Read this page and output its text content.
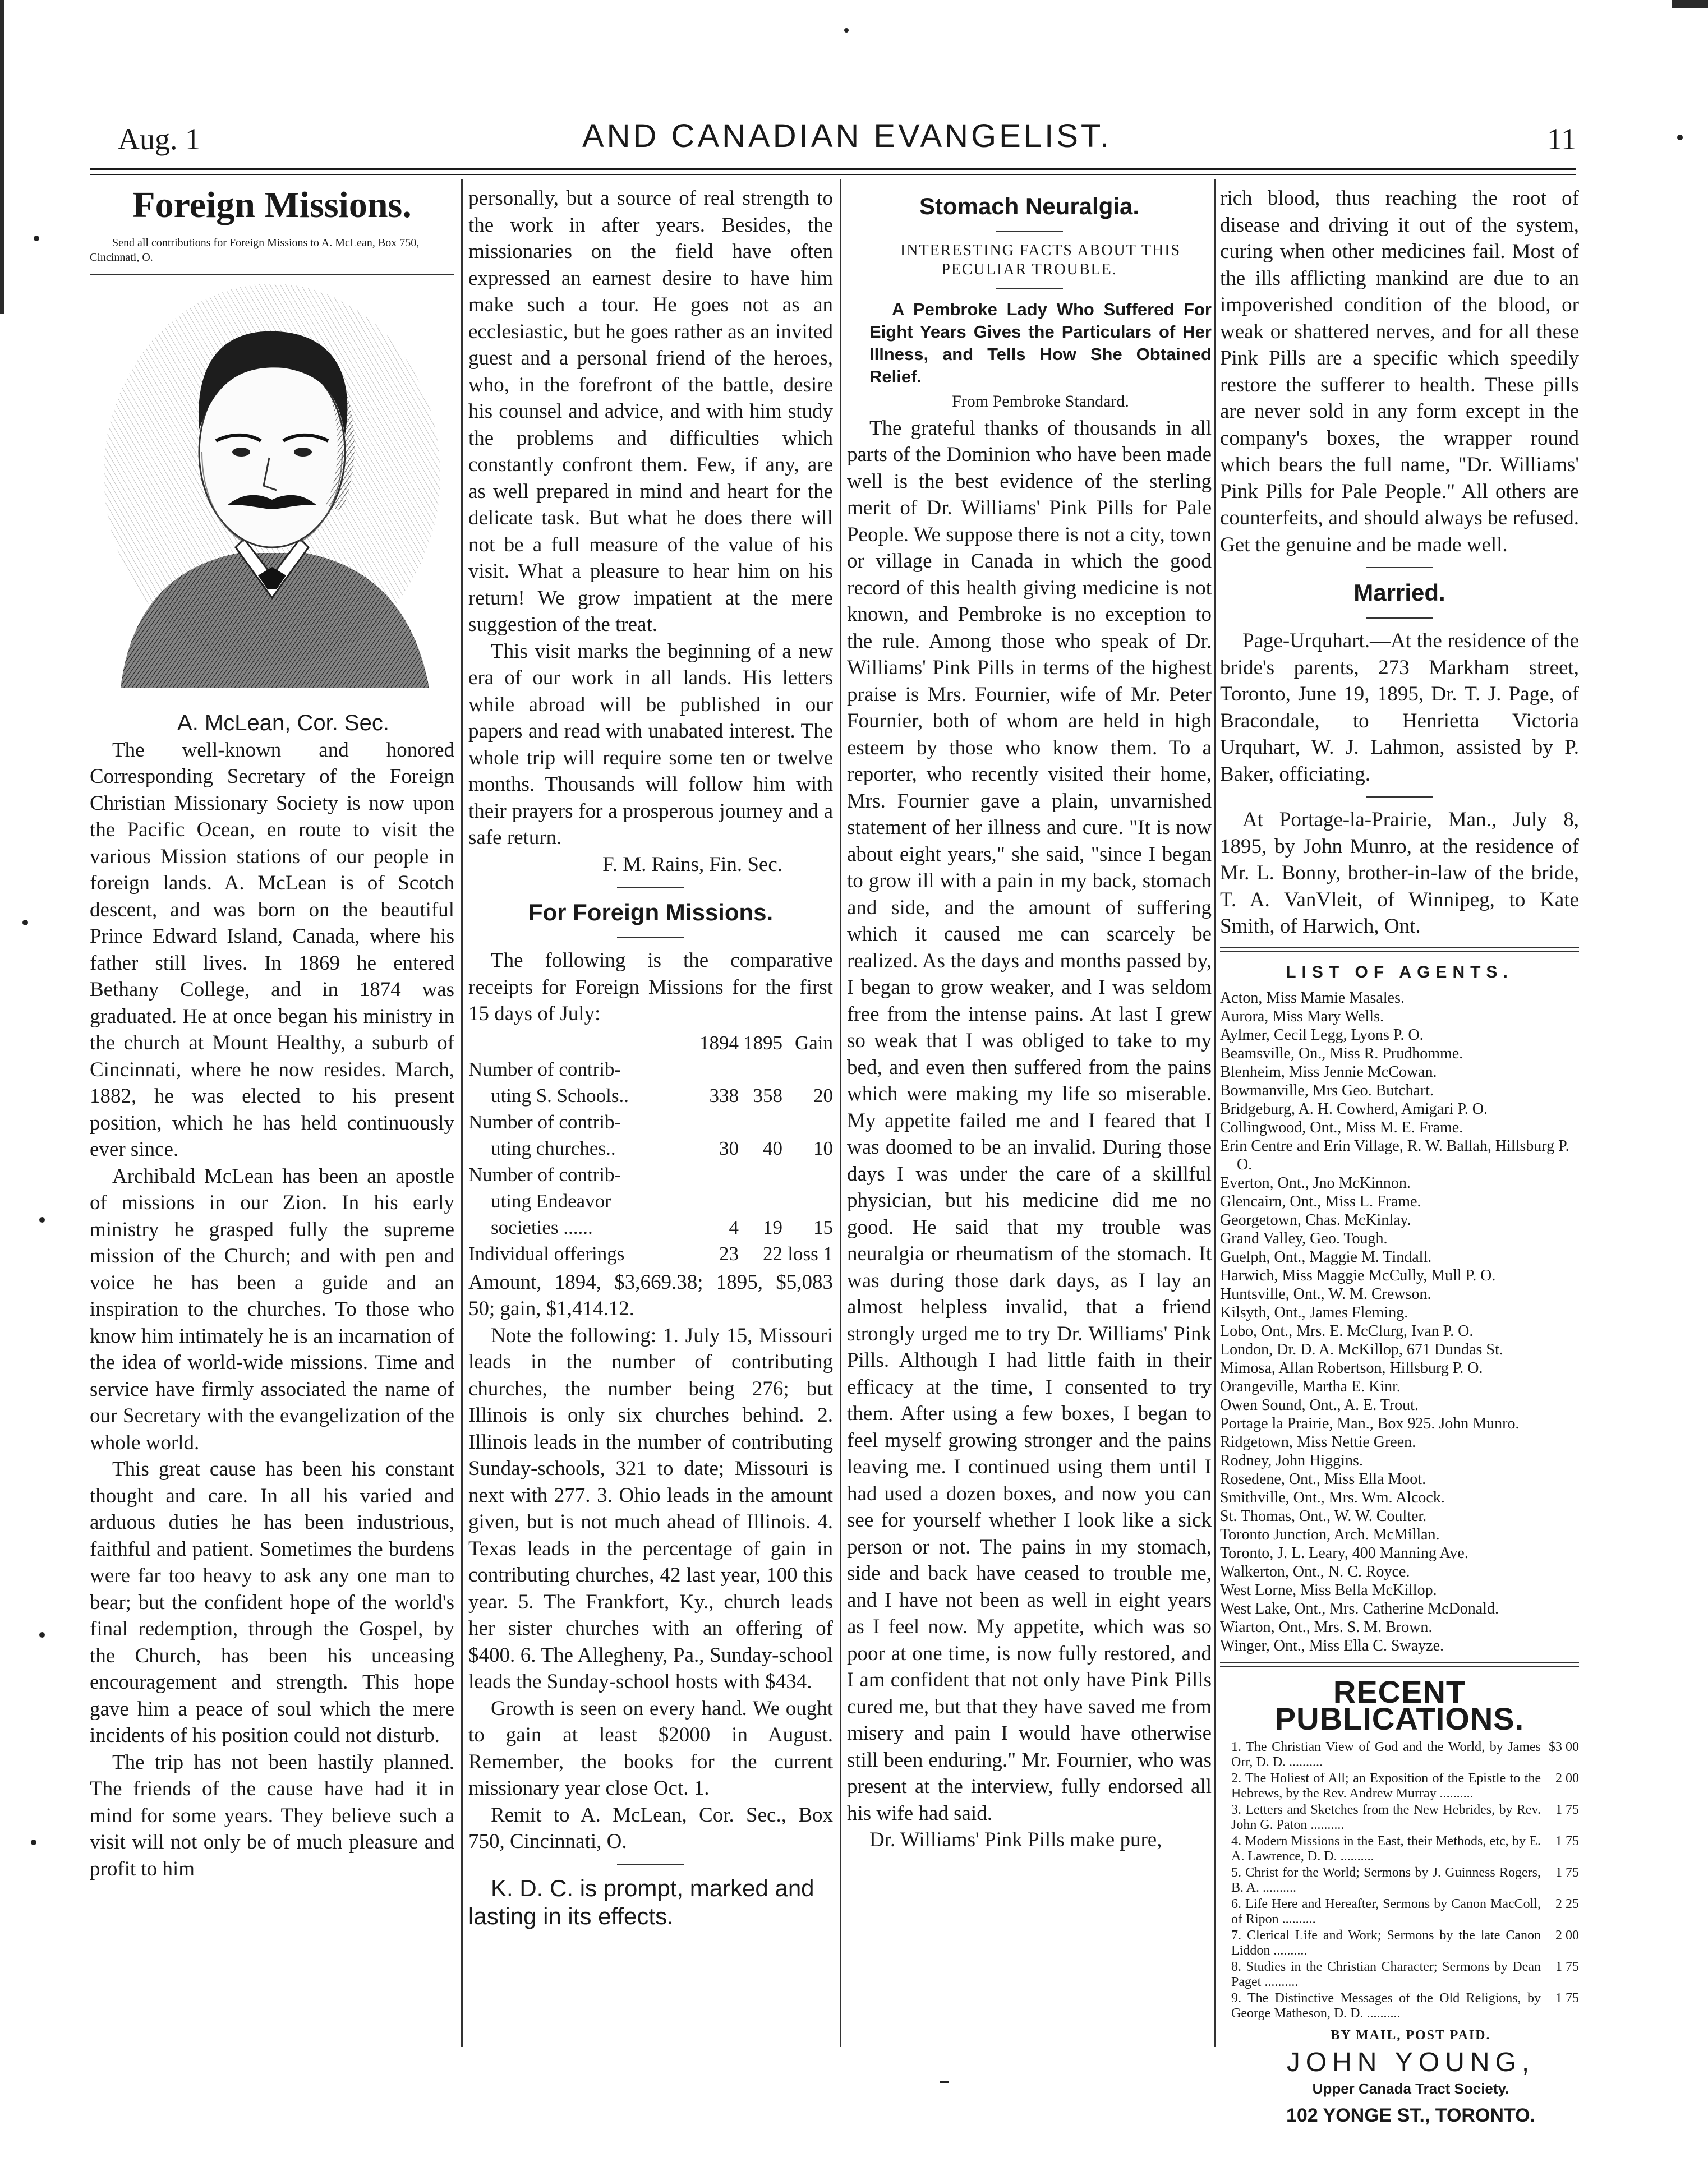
Aug. 1	AND CANADIAN EVANGELIST.	11
Foreign Missions.

Send all contributions for Foreign Missions to A. McLean, Box 750, Cincinnati, O.

A. McLean, Cor. Sec.

The well-known and honored Corresponding Secretary of the Foreign Christian Missionary Society is now upon the Pacific Ocean, en route to visit the various Mission stations of our people in foreign lands. A. McLean is of Scotch descent, and was born on the beautiful Prince Edward Island, Canada, where his father still lives. In 1869 he entered Bethany College, and in 1874 was graduated. He at once began his ministry in the church at Mount Healthy, a suburb of Cincinnati, where he now resides. March, 1882, he was elected to his present position, which he has held continuously ever since.

Archibald McLean has been an apostle of missions in our Zion. In his early ministry he grasped fully the supreme mission of the Church; and with pen and voice he has been a guide and an inspiration to the churches. To those who know him intimately he is an incarnation of the idea of world-wide missions. Time and service have firmly associated the name of our Secretary with the evangelization of the whole world.

This great cause has been his constant thought and care. In all his varied and arduous duties he has been industrious, faithful and patient. Sometimes the burdens were far too heavy to ask any one man to bear; but the confident hope of the world's final redemption, through the Gospel, by the Church, has been his unceasing encouragement and strength. This hope gave him a peace of soul which the mere incidents of his position could not disturb.

The trip has not been hastily planned. The friends of the cause have had it in mind for some years. They believe such a visit will not only be of much pleasure and profit to him

personally, but a source of real strength to the work in after years. Besides, the missionaries on the field have often expressed an earnest desire to have him make such a tour. He goes not as an ecclesiastic, but he goes rather as an invited guest and a personal friend of the heroes, who, in the forefront of the battle, desire his counsel and advice, and with him study the problems and difficulties which constantly confront them. Few, if any, are as well prepared in mind and heart for the delicate task. But what he does there will not be a full measure of the value of his visit. What a pleasure to hear him on his return! We grow impatient at the mere suggestion of the treat.

This visit marks the beginning of a new era of our work in all lands. His letters while abroad will be published in our papers and read with unabated interest. The whole trip will require some ten or twelve months. Thousands will follow him with their prayers for a prosperous journey and a safe return.

F. M. Rains, Fin. Sec.

For Foreign Missions.

The following is the comparative receipts for Foreign Missions for the first 15 days of July:

	1894	1895	Gain
Number of contrib-			
uting S. Schools..	338	358	20
Number of contrib-			
uting churches..	30	40	10
Number of contrib-			
uting Endeavor			
societies ......	4	19	15
Individual offerings	23	22	loss 1

Amount, 1894, $3,669.38; 1895, $5,083 50; gain, $1,414.12.

Note the following: 1. July 15, Missouri leads in the number of contributing churches, the number being 276; but Illinois is only six churches behind. 2. Illinois leads in the number of contributing Sunday-schools, 321 to date; Missouri is next with 277. 3. Ohio leads in the amount given, but is not much ahead of Illinois. 4. Texas leads in the percentage of gain in contributing churches, 42 last year, 100 this year. 5. The Frankfort, Ky., church leads her sister churches with an offering of $400. 6. The Allegheny, Pa., Sunday-school leads the Sunday-school hosts with $434.

Growth is seen on every hand. We ought to gain at least $2000 in August. Remember, the books for the current missionary year close Oct. 1.

Remit to A. McLean, Cor. Sec., Box 750, Cincinnati, O.

K. D. C. is prompt, marked and lasting in its effects.

Stomach Neuralgia.

INTERESTING FACTS ABOUT THIS PECULIAR TROUBLE.

A Pembroke Lady Who Suffered For Eight Years Gives the Particulars of Her Illness, and Tells How She Obtained Relief.

From Pembroke Standard.

The grateful thanks of thousands in all parts of the Dominion who have been made well is the best evidence of the sterling merit of Dr. Williams' Pink Pills for Pale People. We suppose there is not a city, town or village in Canada in which the good record of this health giving medicine is not known, and Pembroke is no exception to the rule. Among those who speak of Dr. Williams' Pink Pills in terms of the highest praise is Mrs. Fournier, wife of Mr. Peter Fournier, both of whom are held in high esteem by those who know them. To a reporter, who recently visited their home, Mrs. Fournier gave a plain, unvarnished statement of her illness and cure. "It is now about eight years," she said, "since I began to grow ill with a pain in my back, stomach and side, and the amount of suffering which it caused me can scarcely be realized. As the days and months passed by, I began to grow weaker, and I was seldom free from the intense pains. At last I grew so weak that I was obliged to take to my bed, and even then suffered from the pains which were making my life so miserable. My appetite failed me and I feared that I was doomed to be an invalid. During those days I was under the care of a skillful physician, but his medicine did me no good. He said that my trouble was neuralgia or rheumatism of the stomach. It was during those dark days, as I lay an almost helpless invalid, that a friend strongly urged me to try Dr. Williams' Pink Pills. Although I had little faith in their efficacy at the time, I consented to try them. After using a few boxes, I began to feel myself growing stronger and the pains leaving me. I continued using them until I had used a dozen boxes, and now you can see for yourself whether I look like a sick person or not. The pains in my stomach, side and back have ceased to trouble me, and I have not been as well in eight years as I feel now. My appetite, which was so poor at one time, is now fully restored, and I am confident that not only have Pink Pills cured me, but that they have saved me from misery and pain I would have otherwise still been enduring." Mr. Fournier, who was present at the interview, fully endorsed all his wife had said.

Dr. Williams' Pink Pills make pure,

rich blood, thus reaching the root of disease and driving it out of the system, curing when other medicines fail. Most of the ills afflicting mankind are due to an impoverished condition of the blood, or weak or shattered nerves, and for all these Pink Pills are a specific which speedily restore the sufferer to health. These pills are never sold in any form except in the company's boxes, the wrapper round which bears the full name, "Dr. Williams' Pink Pills for Pale People." All others are counterfeits, and should always be refused. Get the genuine and be made well.

Married.

Page-Urquhart.—At the residence of the bride's parents, 273 Markham street, Toronto, June 19, 1895, Dr. T. J. Page, of Bracondale, to Henrietta Victoria Urquhart, W. J. Lahmon, assisted by P. Baker, officiating.

At Portage-la-Prairie, Man., July 8, 1895, by John Munro, at the residence of Mr. L. Bonny, brother-in-law of the bride, T. A. VanVleit, of Winnipeg, to Kate Smith, of Harwich, Ont.

LIST OF AGENTS.
Acton, Miss Mamie Masales.
Aurora, Miss Mary Wells.
Aylmer, Cecil Legg, Lyons P. O.
Beamsville, On., Miss R. Prudhomme.
Blenheim, Miss Jennie McCowan.
Bowmanville, Mrs Geo. Butchart.
Bridgeburg, A. H. Cowherd, Amigari P. O.
Collingwood, Ont., Miss M. E. Frame.
Erin Centre and Erin Village, R. W. Ballah, Hillsburg P. O.
Everton, Ont., Jno McKinnon.
Glencairn, Ont., Miss L. Frame.
Georgetown, Chas. McKinlay.
Grand Valley, Geo. Tough.
Guelph, Ont., Maggie M. Tindall.
Harwich, Miss Maggie McCully, Mull P. O.
Huntsville, Ont., W. M. Crewson.
Kilsyth, Ont., James Fleming.
Lobo, Ont., Mrs. E. McClurg, Ivan P. O.
London, Dr. D. A. McKillop, 671 Dundas St.
Mimosa, Allan Robertson, Hillsburg P. O.
Orangeville, Martha E. Kinr.
Owen Sound, Ont., A. E. Trout.
Portage la Prairie, Man., Box 925. John Munro.
Ridgetown, Miss Nettie Green.
Rodney, John Higgins.
Rosedene, Ont., Miss Ella Moot.
Smithville, Ont., Mrs. Wm. Alcock.
St. Thomas, Ont., W. W. Coulter.
Toronto Junction, Arch. McMillan.
Toronto, J. L. Leary, 400 Manning Ave.
Walkerton, Ont., N. C. Royce.
West Lorne, Miss Bella McKillop.
West Lake, Ont., Mrs. Catherine McDonald.
Wiarton, Ont., Mrs. S. M. Brown.
Winger, Ont., Miss Ella C. Swayze.
RECENT PUBLICATIONS.
1. The Christian View of God and the World, by James Orr, D. D. ..........
$3 00
2. The Holiest of All; an Exposition of the Epistle to the Hebrews, by the Rev. Andrew Murray ..........
2 00
3. Letters and Sketches from the New Hebrides, by Rev. John G. Paton ..........
1 75
4. Modern Missions in the East, their Methods, etc, by E. A. Lawrence, D. D. ..........
1 75
5. Christ for the World; Sermons by J. Guinness Rogers, B. A. ..........
1 75
6. Life Here and Hereafter, Sermons by Canon MacColl, of Ripon ..........
2 25
7. Clerical Life and Work; Sermons by the late Canon Liddon ..........
2 00
8. Studies in the Christian Character; Sermons by Dean Paget ..........
1 75
9. The Distinctive Messages of the Old Religions, by George Matheson, D. D. ..........
1 75

BY MAIL, POST PAID.

JOHN YOUNG,

Upper Canada Tract Society.

102 YONGE ST., TORONTO.
